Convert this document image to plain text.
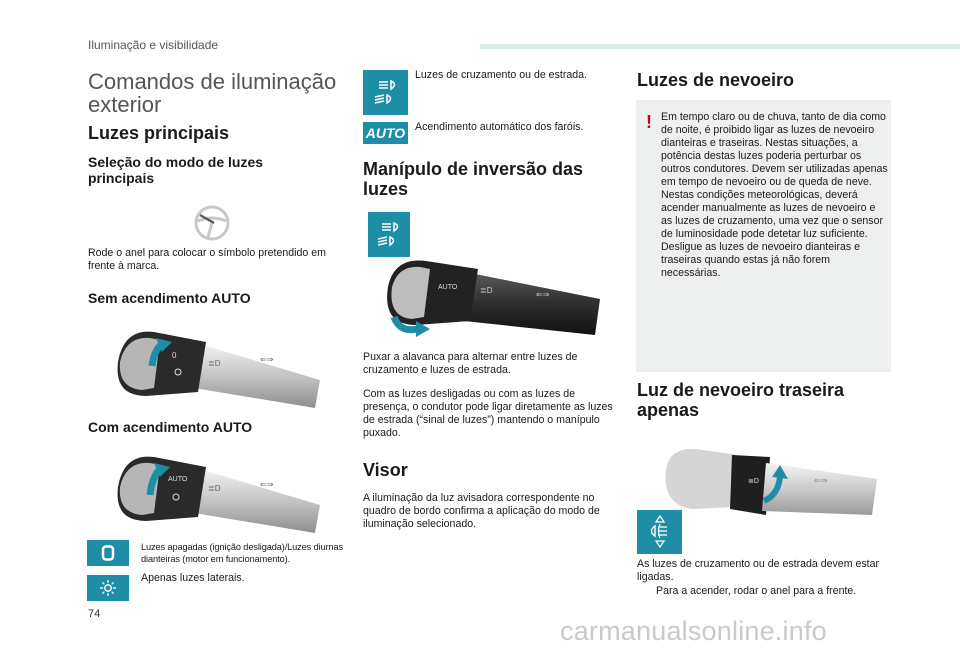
Iluminação e visibilidade
Comandos de iluminação exterior
Luzes principais
Seleção do modo de luzes principais
Rode o anel para colocar o símbolo pretendido em frente à marca.
Sem acendimento AUTO
0
≣D	⇐⇒
Com acendimento AUTO
AUTO
≣D	⇐⇒
Luzes apagadas (ignição desligada)/Luzes diurnas dianteiras (motor em funcionamento).
Apenas luzes laterais.
Luzes de cruzamento ou de estrada.
AUTO Acendimento automático dos faróis.
Manípulo de inversão das luzes
AUTO	≣D	⇐⇒
Puxar a alavanca para alternar entre luzes de cruzamento e luzes de estrada.
Com as luzes desligadas ou com as luzes de presença, o condutor pode ligar diretamente as luzes de estrada (“sinal de luzes”) mantendo o manípulo puxado.
Visor
A iluminação da luz avisadora correspondente no quadro de bordo confirma a aplicação do modo de iluminação selecionado.
Luzes de nevoeiro
! Em tempo claro ou de chuva, tanto de dia como de noite, é proibido ligar as luzes de nevoeiro dianteiras e traseiras. Nestas situações, a potência destas luzes poderia perturbar os outros condutores. Devem ser utilizadas apenas em tempo de nevoeiro ou de queda de neve. Nestas condições meteorológicas, deverá acender manualmente as luzes de nevoeiro e as luzes de cruzamento, uma vez que o sensor de luminosidade pode detetar luz suficiente. Desligue as luzes de nevoeiro dianteiras e traseiras quando estas já não forem necessárias.
Luz de nevoeiro traseira apenas
≣D	⇐⇒
As luzes de cruzamento ou de estrada devem estar ligadas.
Para a acender, rodar o anel para a frente.
74
carmanualsonline.info
